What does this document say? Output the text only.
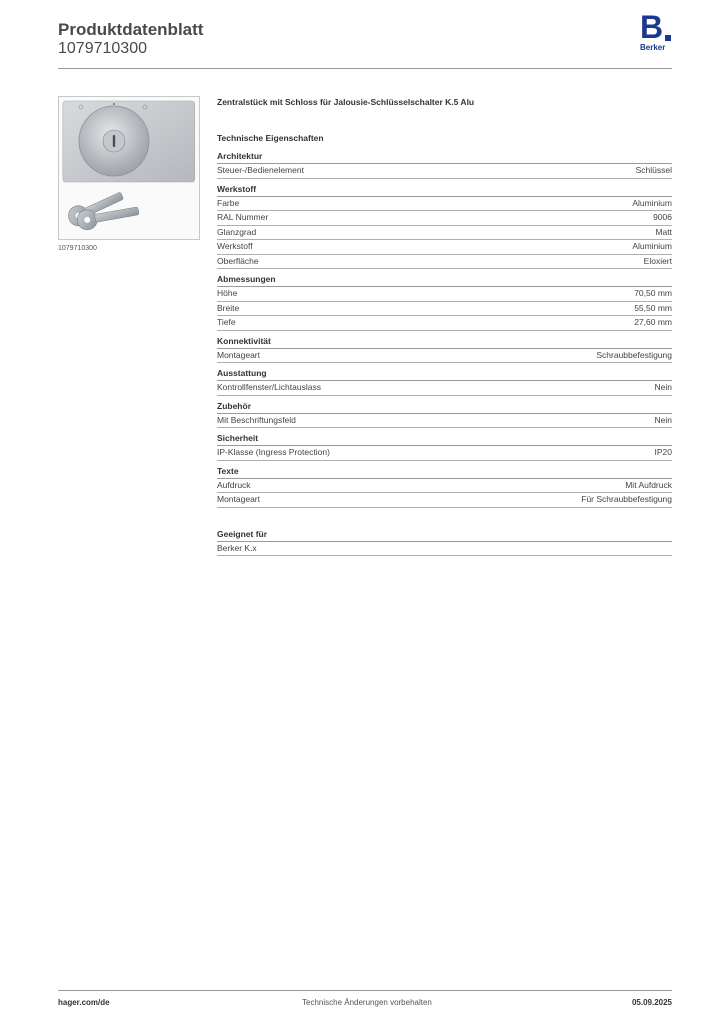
Produktdatenblatt
1079710300
B
Berker
1079710300
Zentralstück mit Schloss für Jalousie-Schlüsselschalter K.5 Alu
Technische Eigenschaften
Architektur
Steuer-/Bedienelement	Schlüssel
Werkstoff
Farbe	Aluminium
RAL Nummer	9006
Glanzgrad	Matt
Werkstoff	Aluminium
Oberfläche	Eloxiert
Abmessungen
Höhe	70,50 mm
Breite	55,50 mm
Tiefe	27,60 mm
Konnektivität
Montageart	Schraubbefestigung
Ausstattung
Kontrollfenster/Lichtauslass	Nein
Zubehör
Mit Beschriftungsfeld	Nein
Sicherheit
IP-Klasse (Ingress Protection)	IP20
Texte
Aufdruck	Mit Aufdruck
Montageart	Für Schraubbefestigung
Geeignet für
Berker K.x
hager.com/de	Technische Änderungen vorbehalten	05.09.2025
